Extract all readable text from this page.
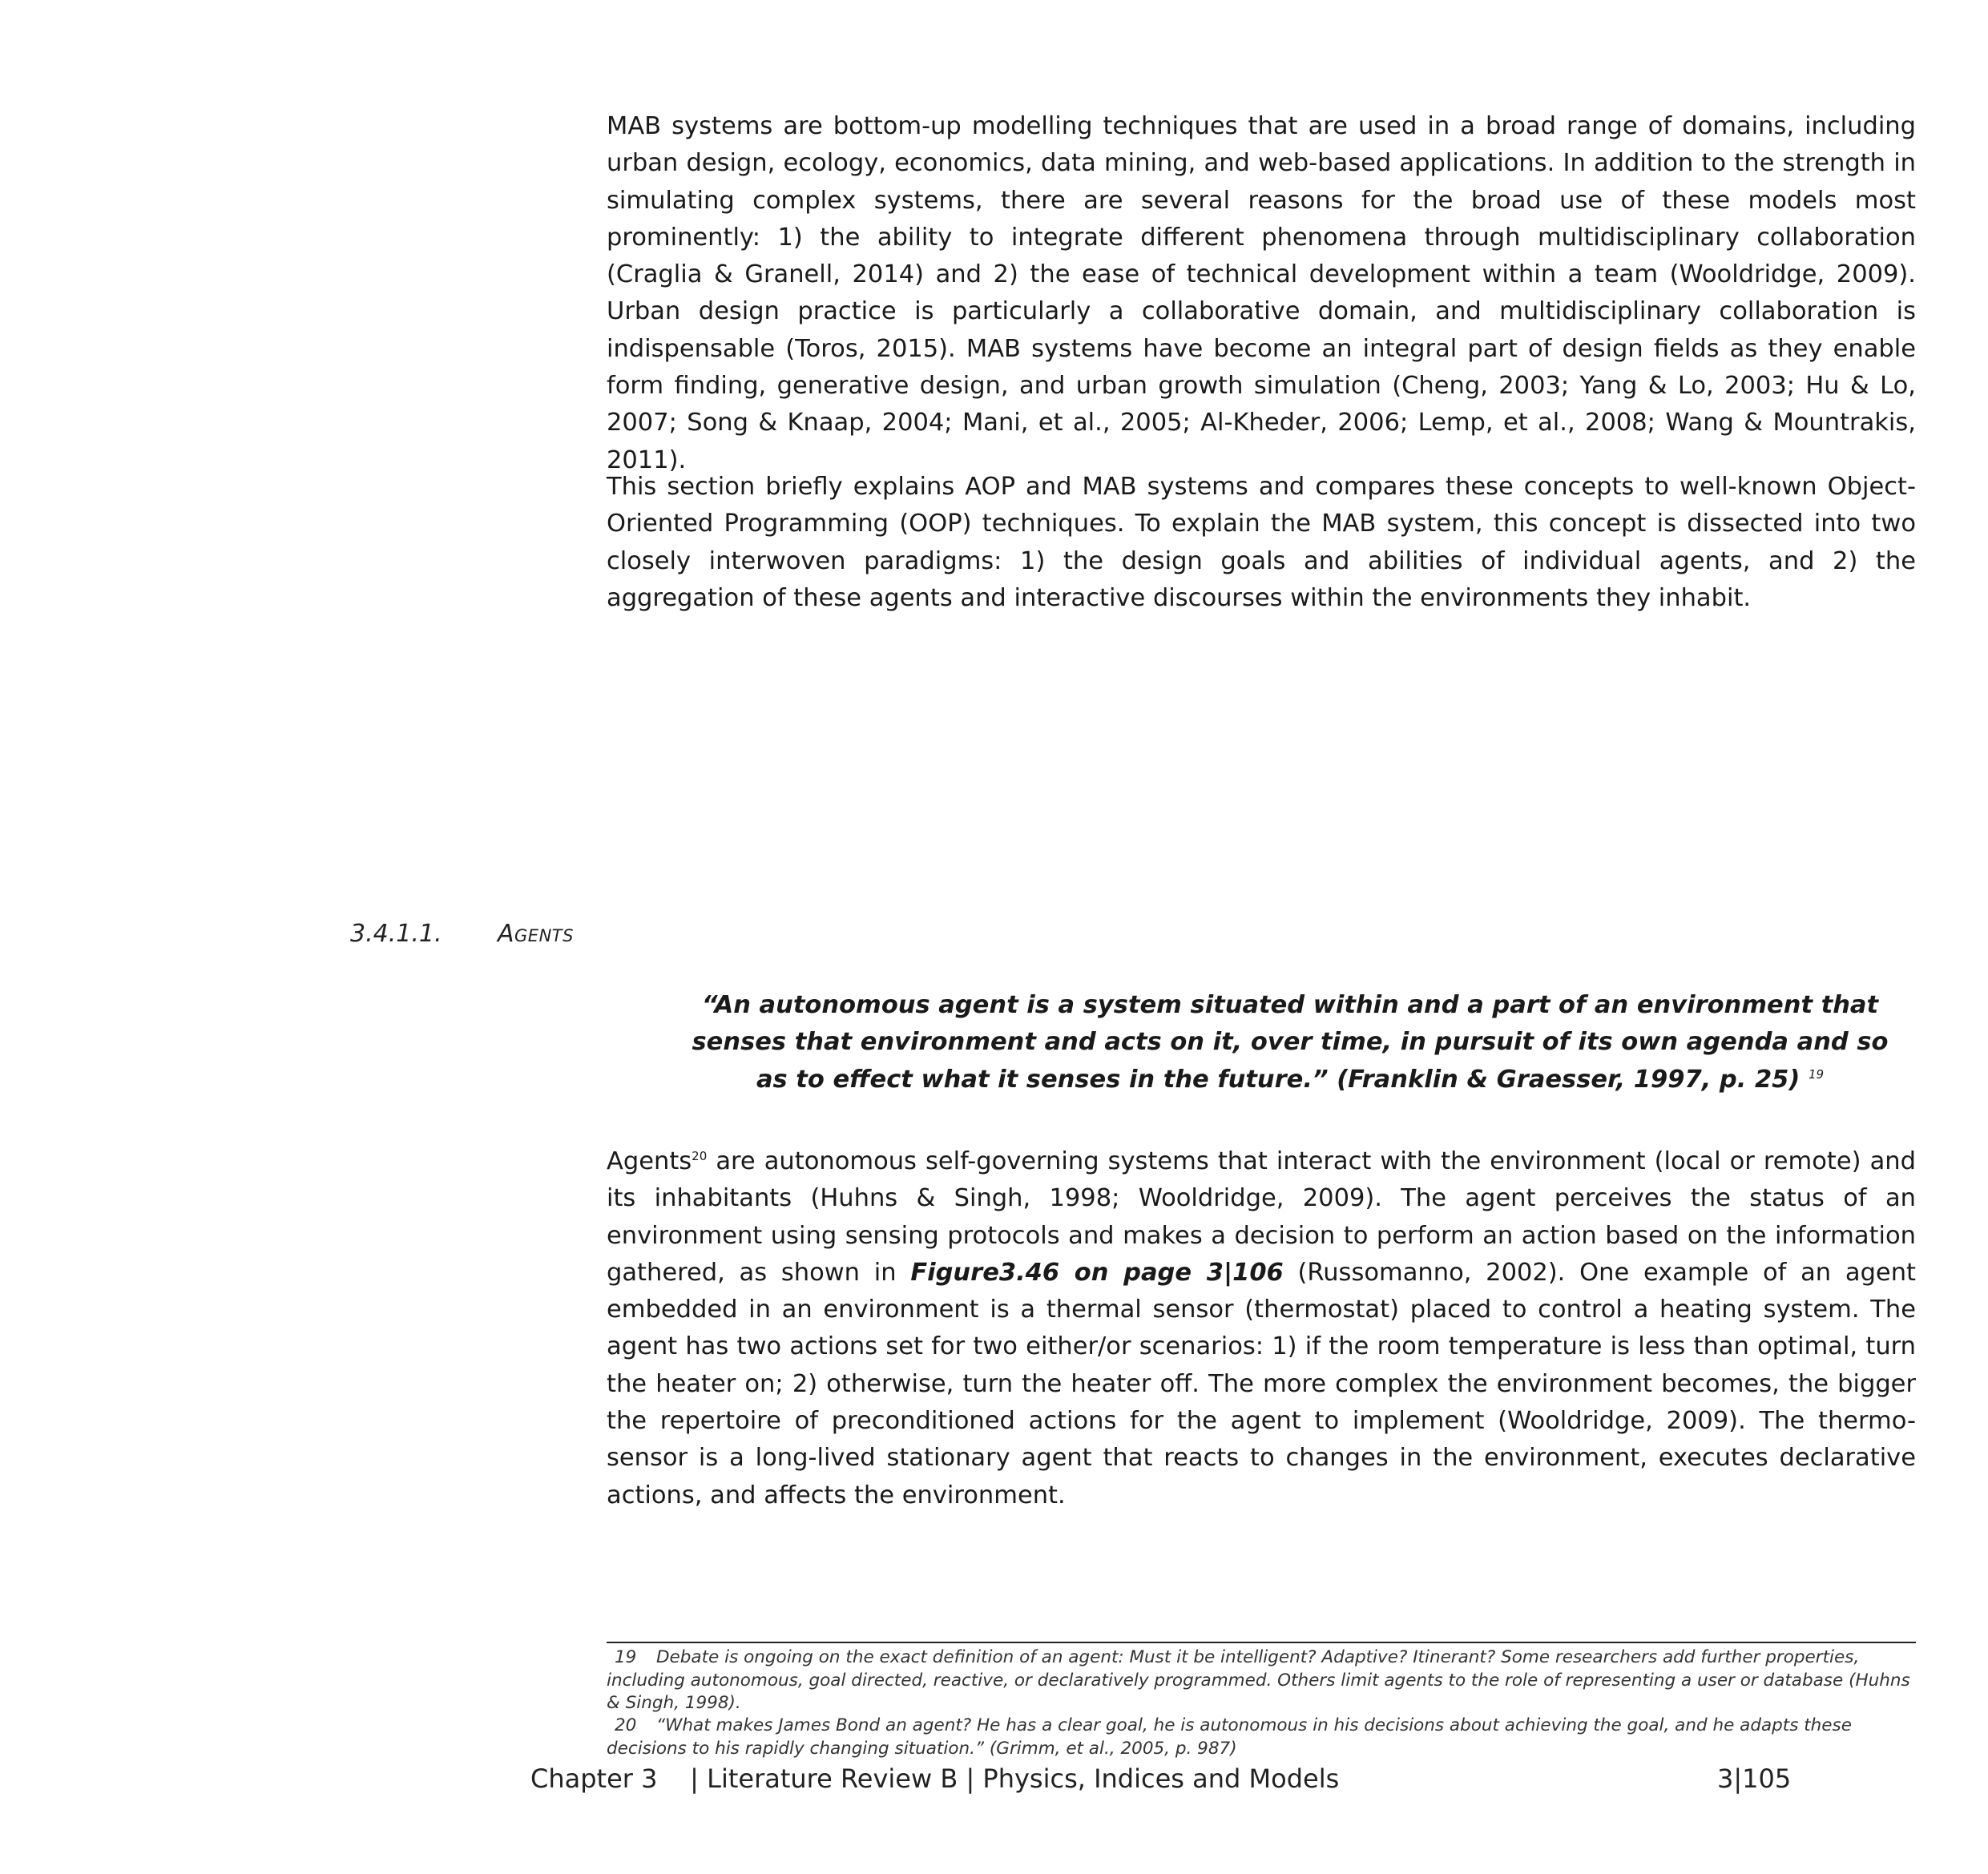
MAB systems are bottom-up modelling techniques that are used in a broad range of domains, including urban design, ecology, economics, data mining, and web-based applications. In addition to the strength in simulating complex systems, there are several reasons for the broad use of these models most prominently: 1) the ability to integrate different phenomena through multidisciplinary collaboration (Craglia & Granell, 2014) and 2) the ease of technical development within a team (Wooldridge, 2009). Urban design practice is particularly a collaborative domain, and multidisciplinary collaboration is indispensable (Toros, 2015). MAB systems have become an integral part of design fields as they enable form finding, generative design, and urban growth simulation (Cheng, 2003; Yang & Lo, 2003; Hu & Lo, 2007; Song & Knaap, 2004; Mani, et al., 2005; Al-Kheder, 2006; Lemp, et al., 2008; Wang & Mountrakis, 2011).

This section briefly explains AOP and MAB systems and compares these concepts to well-known Object-Oriented Programming (OOP) techniques. To explain the MAB system, this concept is dissected into two closely interwoven paradigms: 1) the design goals and abilities of individual agents, and 2) the aggregation of these agents and interactive discourses within the environments they inhabit.

3.4.1.1. Agents

“An autonomous agent is a system situated within and a part of an environment that senses that environment and acts on it, over time, in pursuit of its own agenda and so as to effect what it senses in the future.” (Franklin & Graesser, 1997, p. 25) $^{19}$

Agents$^{20}$ are autonomous self-governing systems that interact with the environment (local or remote) and its inhabitants (Huhns & Singh, 1998; Wooldridge, 2009). The agent perceives the status of an environment using sensing protocols and makes a decision to perform an action based on the information gathered, as shown in Figure3.46 on page 3|106 (Russomanno, 2002). One example of an agent embedded in an environment is a thermal sensor (thermostat) placed to control a heating system. The agent has two actions set for two either/or scenarios: 1) if the room temperature is less than optimal, turn the heater on; 2) otherwise, turn the heater off. The more complex the environment becomes, the bigger the repertoire of preconditioned actions for the agent to implement (Wooldridge, 2009). The thermo-sensor is a long-lived stationary agent that reacts to changes in the environment, executes declarative actions, and affects the environment.

19 Debate is ongoing on the exact definition of an agent: Must it be intelligent? Adaptive? Itinerant? Some researchers add further properties, including autonomous, goal directed, reactive, or declaratively programmed. Others limit agents to the role of representing a user or database (Huhns & Singh, 1998).

20 “What makes James Bond an agent? He has a clear goal, he is autonomous in his decisions about achieving the goal, and he adapts these decisions to his rapidly changing situation.” (Grimm, et al., 2005, p. 987)

Chapter 3    | Literature Review B | Physics, Indices and Models	3|105
